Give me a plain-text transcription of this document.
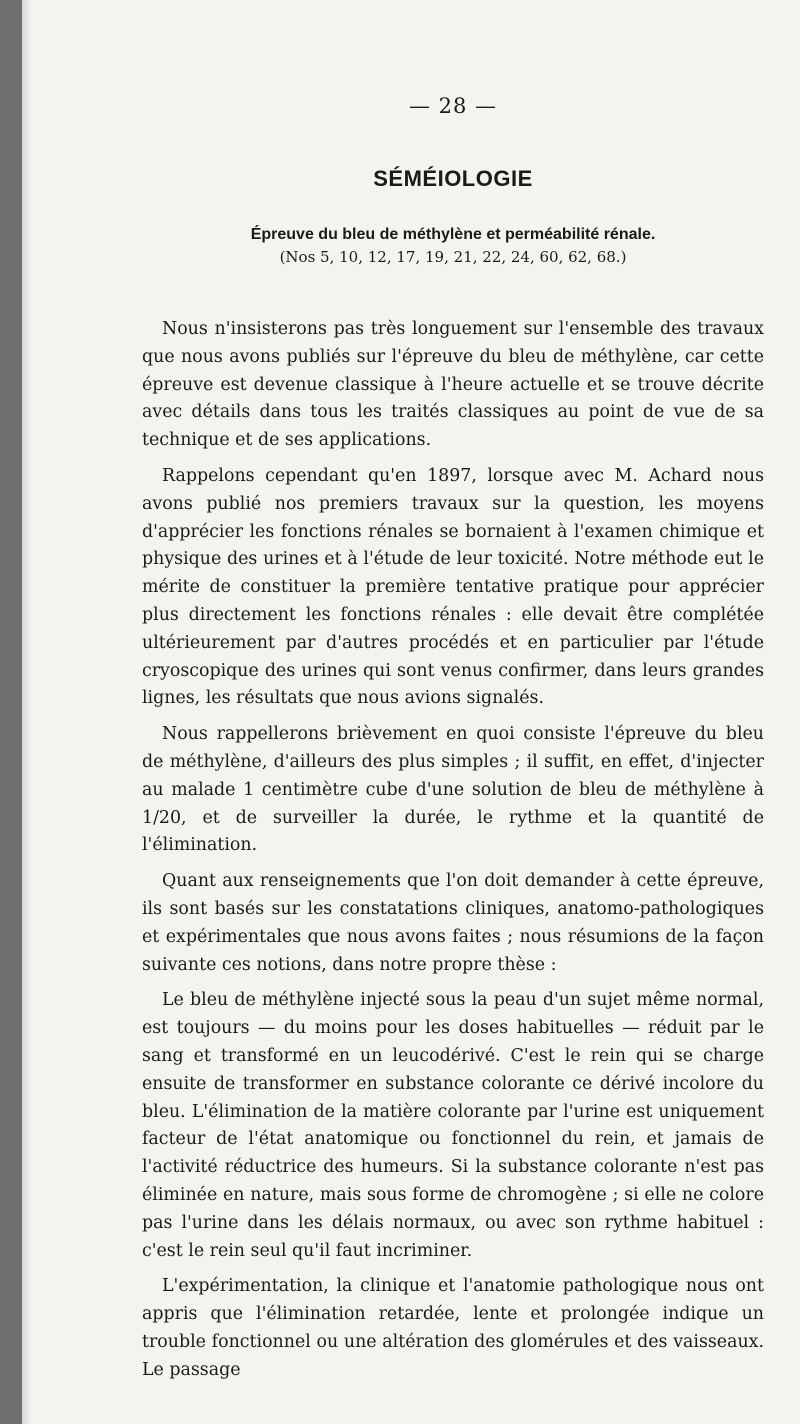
— 28 —
SÉMÉIOLOGIE
Épreuve du bleu de méthylène et perméabilité rénale.
(Nos 5, 10, 12, 17, 19, 21, 22, 24, 60, 62, 68.)

Nous n'insisterons pas très longuement sur l'ensemble des travaux que nous avons publiés sur l'épreuve du bleu de méthylène, car cette épreuve est devenue classique à l'heure actuelle et se trouve décrite avec détails dans tous les traités classiques au point de vue de sa technique et de ses applications.

Rappelons cependant qu'en 1897, lorsque avec M. Achard nous avons publié nos premiers travaux sur la question, les moyens d'apprécier les fonctions rénales se bornaient à l'examen chimique et physique des urines et à l'étude de leur toxicité. Notre méthode eut le mérite de constituer la première tentative pratique pour apprécier plus directement les fonctions rénales : elle devait être complétée ultérieurement par d'autres procédés et en particulier par l'étude cryoscopique des urines qui sont venus confirmer, dans leurs grandes lignes, les résultats que nous avions signalés.

Nous rappellerons brièvement en quoi consiste l'épreuve du bleu de méthylène, d'ailleurs des plus simples ; il suffit, en effet, d'injecter au malade 1 centimètre cube d'une solution de bleu de méthylène à 1/20, et de surveiller la durée, le rythme et la quantité de l'élimination.

Quant aux renseignements que l'on doit demander à cette épreuve, ils sont basés sur les constatations cliniques, anatomo-pathologiques et expérimentales que nous avons faites ; nous résumions de la façon suivante ces notions, dans notre propre thèse :

Le bleu de méthylène injecté sous la peau d'un sujet même normal, est toujours — du moins pour les doses habituelles — réduit par le sang et transformé en un leucodérivé. C'est le rein qui se charge ensuite de transformer en substance colorante ce dérivé incolore du bleu. L'élimination de la matière colorante par l'urine est uniquement facteur de l'état anatomique ou fonctionnel du rein, et jamais de l'activité réductrice des humeurs. Si la substance colorante n'est pas éliminée en nature, mais sous forme de chromogène ; si elle ne colore pas l'urine dans les délais normaux, ou avec son rythme habituel : c'est le rein seul qu'il faut incriminer.

L'expérimentation, la clinique et l'anatomie pathologique nous ont appris que l'élimination retardée, lente et prolongée indique un trouble fonctionnel ou une altération des glomérules et des vaisseaux. Le passage
